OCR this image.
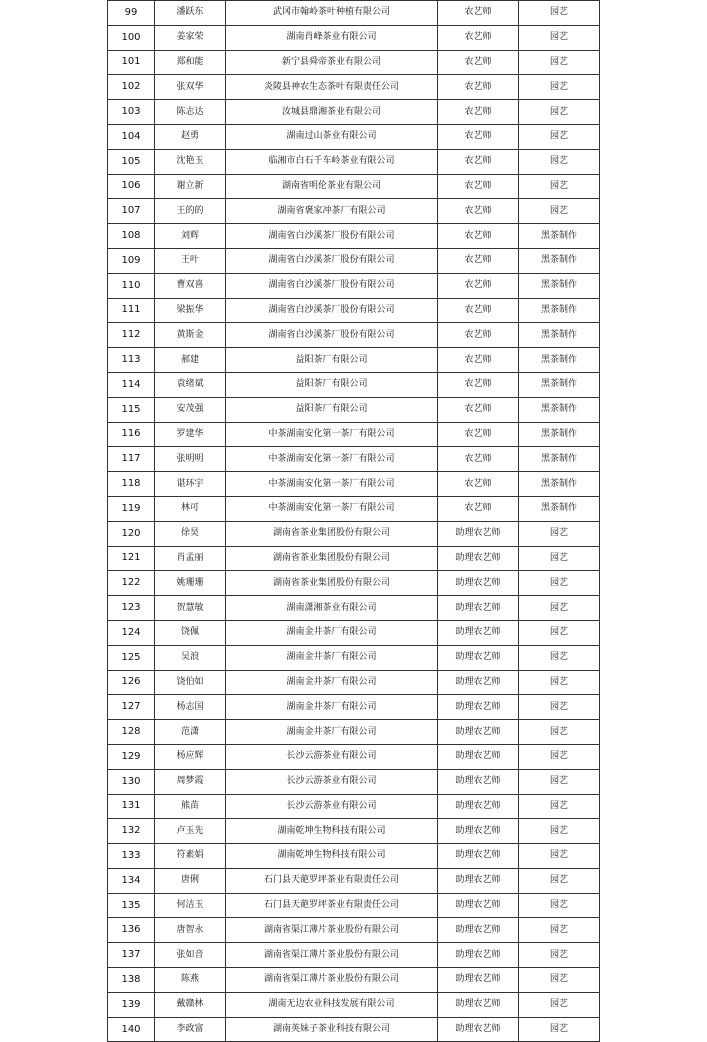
99	潘跃东	武冈市翰岭茶叶种植有限公司	农艺师	园艺
100	姜家荣	湖南肖峰茶业有限公司	农艺师	园艺
101	郑和能	新宁县舜帝茶业有限公司	农艺师	园艺
102	张双华	炎陵县神农生态茶叶有限责任公司	农艺师	园艺
103	陈志达	汝城县鼎湘茶业有限公司	农艺师	园艺
104	赵勇	湖南过山茶业有限公司	农艺师	园艺
105	沈艳玉	临湘市白石千车岭茶业有限公司	农艺师	园艺
106	谢立新	湖南省明伦茶业有限公司	农艺师	园艺
107	王的的	湖南省褒家冲茶厂有限公司	农艺师	园艺
108	刘辉	湖南省白沙溪茶厂股份有限公司	农艺师	黑茶制作
109	王叶	湖南省白沙溪茶厂股份有限公司	农艺师	黑茶制作
110	曹双喜	湖南省白沙溪茶厂股份有限公司	农艺师	黑茶制作
111	梁振华	湖南省白沙溪茶厂股份有限公司	农艺师	黑茶制作
112	黄斯金	湖南省白沙溪茶厂股份有限公司	农艺师	黑茶制作
113	郝建	益阳茶厂有限公司	农艺师	黑茶制作
114	袁绪斌	益阳茶厂有限公司	农艺师	黑茶制作
115	安茂强	益阳茶厂有限公司	农艺师	黑茶制作
116	罗建华	中茶湖南安化第一茶厂有限公司	农艺师	黑茶制作
117	张明明	中茶湖南安化第一茶厂有限公司	农艺师	黑茶制作
118	谌环宇	中茶湖南安化第一茶厂有限公司	农艺师	黑茶制作
119	林可	中茶湖南安化第一茶厂有限公司	农艺师	黑茶制作
120	徐昊	湖南省茶业集团股份有限公司	助理农艺师	园艺
121	肖孟丽	湖南省茶业集团股份有限公司	助理农艺师	园艺
122	姚珊珊	湖南省茶业集团股份有限公司	助理农艺师	园艺
123	贺慧敏	湖南潇湘茶业有限公司	助理农艺师	园艺
124	饶佩	湖南金井茶厂有限公司	助理农艺师	园艺
125	吴浪	湖南金井茶厂有限公司	助理农艺师	园艺
126	饶伯如	湖南金井茶厂有限公司	助理农艺师	园艺
127	杨志国	湖南金井茶厂有限公司	助理农艺师	园艺
128	范潇	湖南金井茶厂有限公司	助理农艺师	园艺
129	杨应辉	长沙云游茶业有限公司	助理农艺师	园艺
130	周梦霞	长沙云游茶业有限公司	助理农艺师	园艺
131	熊苗	长沙云游茶业有限公司	助理农艺师	园艺
132	卢玉先	湖南乾坤生物科技有限公司	助理农艺师	园艺
133	符素娟	湖南乾坤生物科技有限公司	助理农艺师	园艺
134	唐俐	石门县天葩罗坪茶业有限责任公司	助理农艺师	园艺
135	何洁玉	石门县天葩罗坪茶业有限责任公司	助理农艺师	园艺
136	唐智永	湖南省渠江薄片茶业股份有限公司	助理农艺师	园艺
137	张如音	湖南省渠江薄片茶业股份有限公司	助理农艺师	园艺
138	陈燕	湖南省渠江薄片茶业股份有限公司	助理农艺师	园艺
139	戴赣林	湖南无边农业科技发展有限公司	助理农艺师	园艺
140	李政富	湖南英妹子茶业科技有限公司	助理农艺师	园艺
